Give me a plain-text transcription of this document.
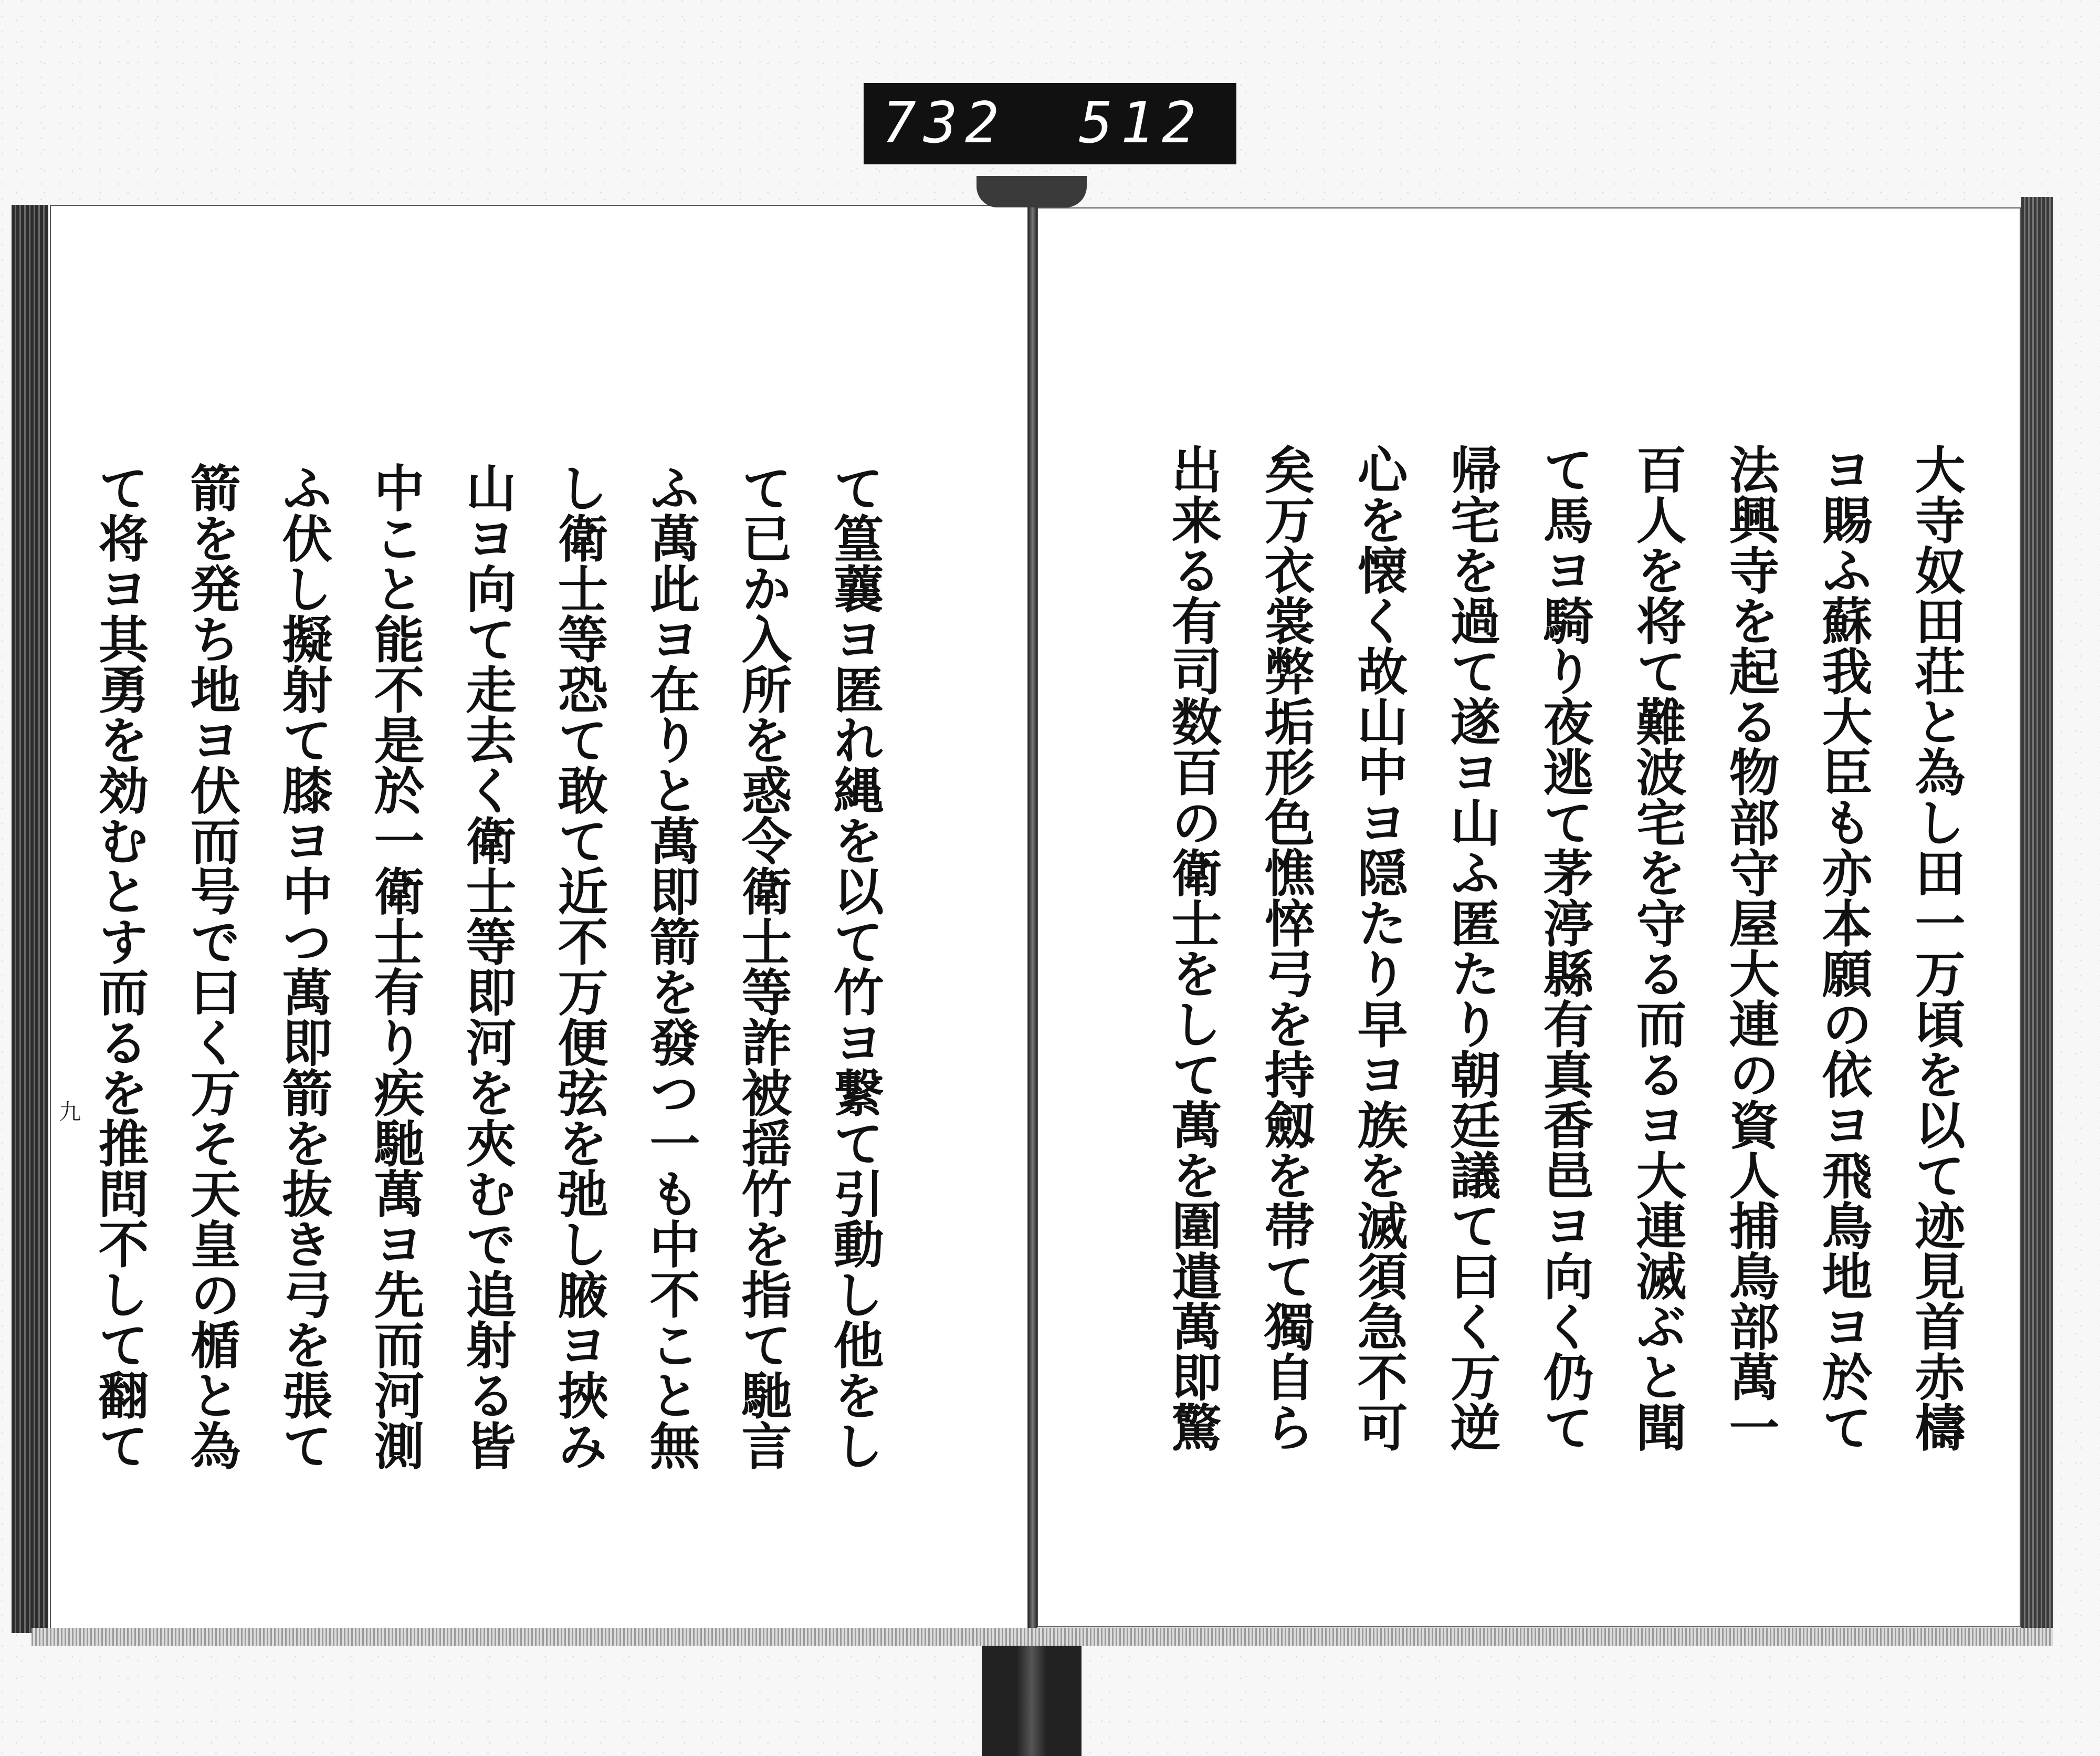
732 512
大寺奴田荘と為し田一万頃を以て迹見首赤檮
ヨ賜ふ蘇我大臣も亦本願の依ヨ飛鳥地ヨ於て
法興寺を起る物部守屋大連の資人捕鳥部萬一
百人を将て難波宅を守る而るヨ大連滅ぶと聞
て馬ヨ騎り夜逃て茅渟縣有真香邑ヨ向く仍て
帰宅を過て遂ヨ山ふ匿たり朝廷議て曰く万逆
心を懐く故山中ヨ隠たり早ヨ族を滅須急不可
矣万衣裳弊垢形色憔悴弓を持劔を帯て獨自ら
出来る有司数百の衛士をして萬を圍遣萬即驚
て篁蘘ヨ匿れ縄を以て竹ヨ繋て引動し他をし
て已か入所を惑令衛士等詐被揺竹を指て馳言
ふ萬此ヨ在りと萬即箭を發つ一も中不こと無
し衛士等恐て敢て近不万便弦を弛し腋ヨ挾み
山ヨ向て走去く衛士等即河を夾むで追射る皆
中こと能不是於一衛士有り疾馳萬ヨ先而河測
ふ伏し擬射て膝ヨ中つ萬即箭を抜き弓を張て
箭を発ち地ヨ伏而号で曰く万そ天皇の楯と為
て将ヨ其勇を効むとす而るを推問不して翻て
九
